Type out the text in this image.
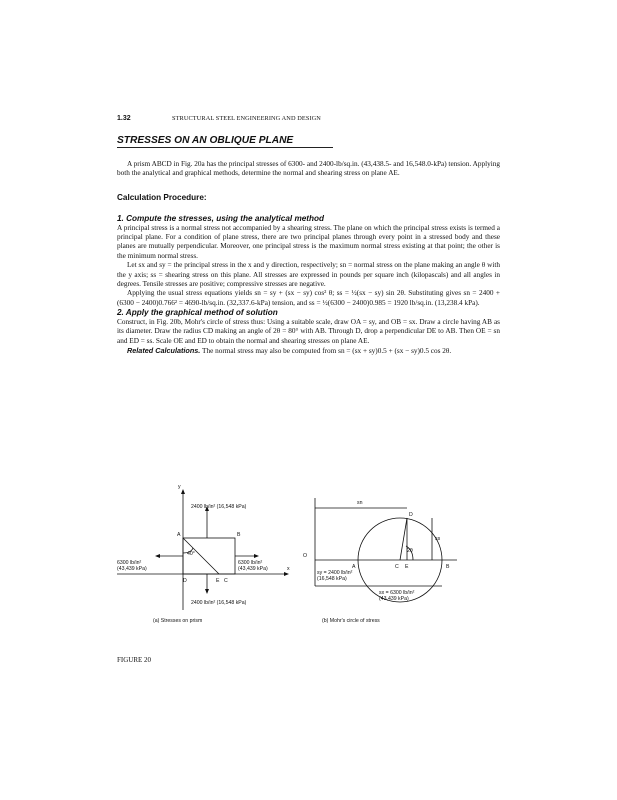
1.32	STRUCTURAL STEEL ENGINEERING AND DESIGN
STRESSES ON AN OBLIQUE PLANE

A prism ABCD in Fig. 20a has the principal stresses of 6300- and 2400-lb/sq.in. (43,438.5- and 16,548.0-kPa) tension. Applying both the analytical and graphical methods, determine the normal and shearing stress on plane AE.

Calculation Procedure:

1. Compute the stresses, using the analytical method

A principal stress is a normal stress not accompanied by a shearing stress. The plane on which the principal stress exists is termed a principal plane. For a condition of plane stress, there are two principal planes through every point in a stressed body and these planes are mutually perpendicular. Moreover, one principal stress is the maximum normal stress existing at that point; the other is the minimum normal stress.

Let sx and sy = the principal stress in the x and y direction, respectively; sn = normal stress on the plane making an angle θ with the y axis; ss = shearing stress on this plane. All stresses are expressed in pounds per square inch (kilopascals) and all angles in degrees. Tensile stresses are positive; compressive stresses are negative.

Applying the usual stress equations yields sn = sy + (sx − sy) cos² θ; ss = ½(sx − sy) sin 2θ. Substituting gives sn = 2400 + (6300 − 2400)0.766² = 4690-lb/sq.in. (32,337.6-kPa) tension, and ss = ½(6300 − 2400)0.985 = 1920 lb/sq.in. (13,238.4 kPa).

2. Apply the graphical method of solution

Construct, in Fig. 20b, Mohr's circle of stress thus: Using a suitable scale, draw OA = sy, and OB = sx. Draw a circle having AB as its diameter. Draw the radius CD making an angle of 2θ = 80° with AB. Through D, drop a perpendicular DE to AB. Then OE = sn and ED = ss. Scale OE and ED to obtain the normal and shearing stresses on plane AE.

Related Calculations. The normal stress may also be computed from sn = (sx + sy)0.5 + (sx − sy)0.5 cos 2θ.

2400 lb/in² (16,548 kPa)
2400 lb/in² (16,548 kPa)
6300 lb/in²
(43,439 kPa)
6300 lb/in²
(43,439 kPa)
40°
y
x
A	B
D	E C
(a) Stresses on prism
sn
ss
2θ
O
A	C E	B
D
sy = 2400 lb/in²
(16,548 kPa)
sx = 6300 lb/in²
(43,439 kPa)
(b) Mohr's circle of stress
FIGURE 20
